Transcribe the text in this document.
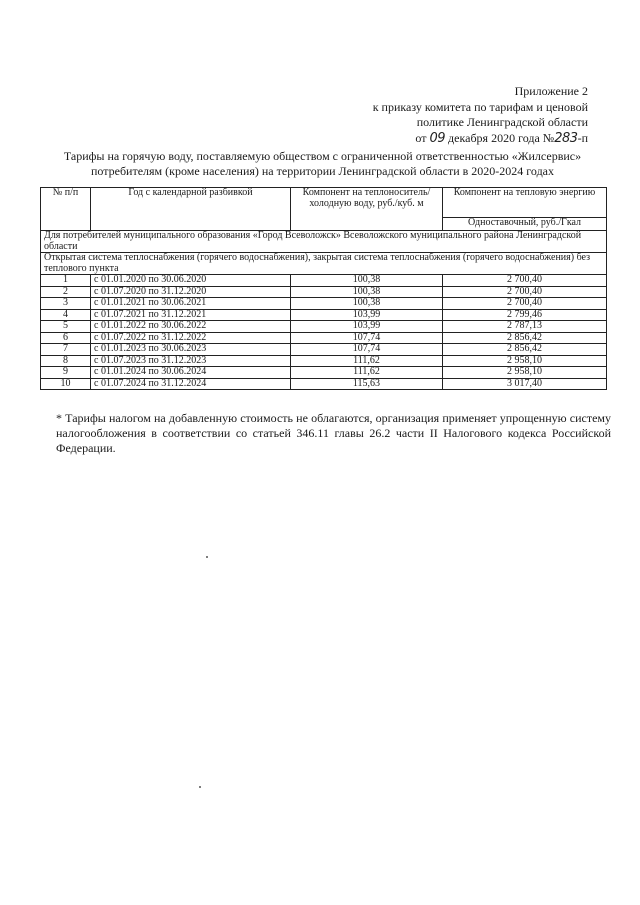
Приложение 2
к приказу комитета по тарифам и ценовой
политике Ленинградской области
от 09 декабря 2020 года №283-п
Тарифы на горячую воду, поставляемую обществом с ограниченной ответственностью «Жилсервис»
потребителям (кроме населения) на территории Ленинградской области в 2020-2024 годах
№ п/п	Год с календарной разбивкой	Компонент на теплоноситель/ холодную воду, руб./куб. м	Компонент на тепловую энергию
			Одноставочный, руб./Гкал
Для потребителей муниципального образования «Город Всеволожск» Всеволожского муниципального района Ленинградской области			
Открытая система теплоснабжения (горячего водоснабжения), закрытая система теплоснабжения (горячего водоснабжения) без теплового пункта			
1	с 01.01.2020 по 30.06.2020	100,38	2 700,40
2	с 01.07.2020 по 31.12.2020	100,38	2 700,40
3	с 01.01.2021 по 30.06.2021	100,38	2 700,40
4	с 01.07.2021 по 31.12.2021	103,99	2 799,46
5	с 01.01.2022 по 30.06.2022	103,99	2 787,13
6	с 01.07.2022 по 31.12.2022	107,74	2 856,42
7	с 01.01.2023 по 30.06.2023	107,74	2 856,42
8	с 01.07.2023 по 31.12.2023	111,62	2 958,10
9	с 01.01.2024 по 30.06.2024	111,62	2 958,10
10	с 01.07.2024 по 31.12.2024	115,63	3 017,40
* Тарифы налогом на добавленную стоимость не облагаются, организация применяет упрощенную систему налогообложения в соответствии со статьей 346.11 главы 26.2 части II Налогового кодекса Российской Федерации.
